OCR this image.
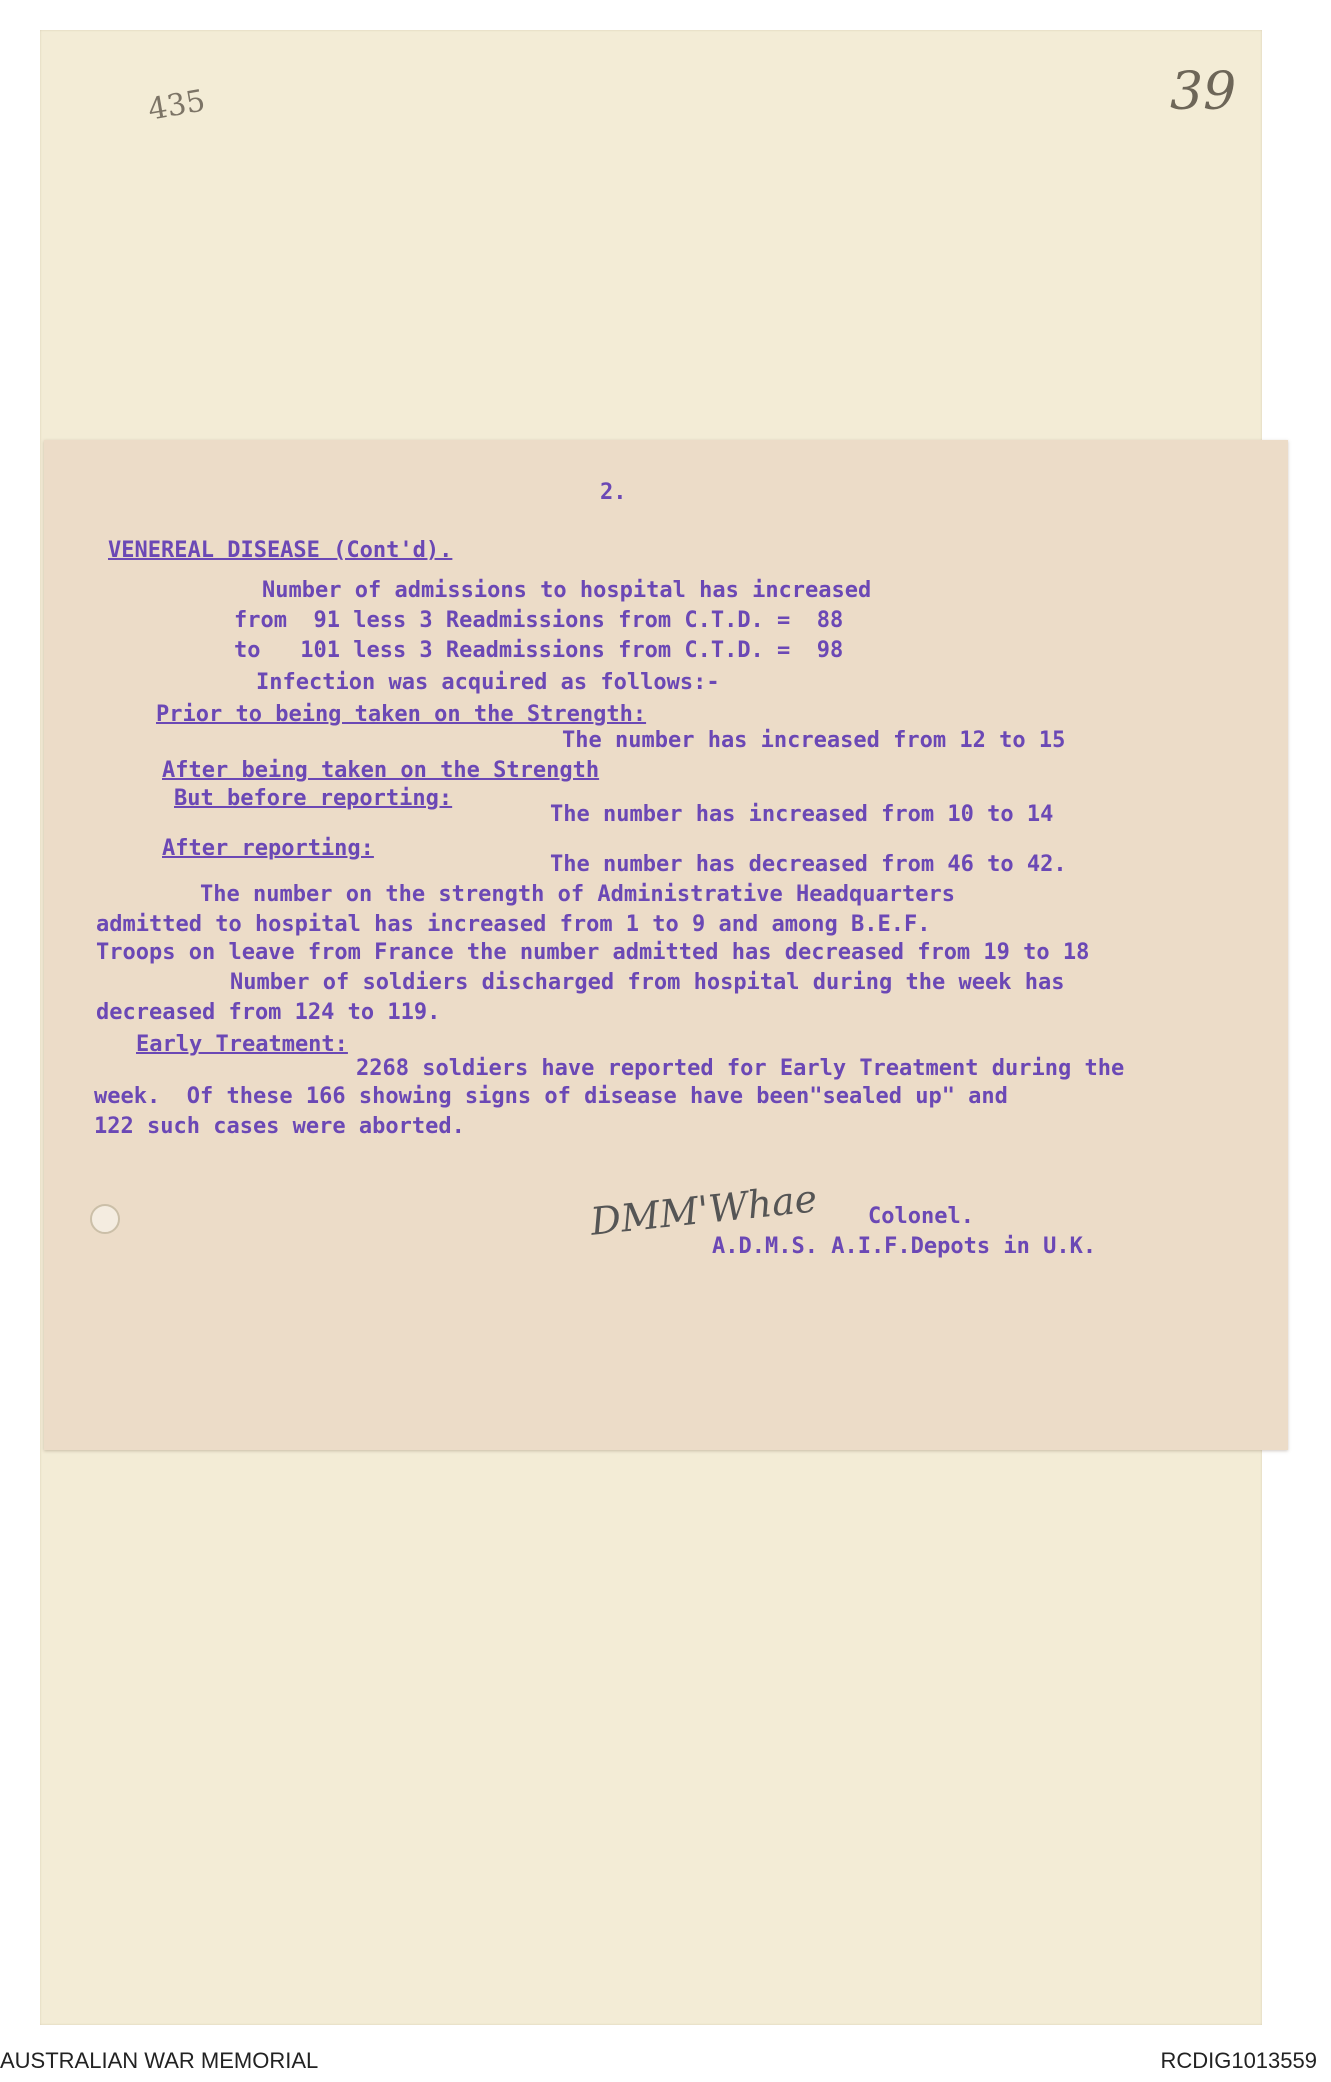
435	39
2.
VENEREAL DISEASE (Cont'd).
Number of admissions to hospital has increased
from  91 less 3 Readmissions from C.T.D. =  88
to   101 less 3 Readmissions from C.T.D. =  98
Infection was acquired as follows:-
Prior to being taken on the Strength:
The number has increased from 12 to 15
After being taken on the Strength
But before reporting:
The number has increased from 10 to 14
After reporting:
The number has decreased from 46 to 42.
The number on the strength of Administrative Headquarters
admitted to hospital has increased from 1 to 9 and among B.E.F.
Troops on leave from France the number admitted has decreased from 19 to 18
Number of soldiers discharged from hospital during the week has
decreased from 124 to 119.
Early Treatment:
2268 soldiers have reported for Early Treatment during the
week.  Of these 166 showing signs of disease have been"sealed up" and
122 such cases were aborted.
Colonel.
A.D.M.S. A.I.F.Depots in U.K.
DMM'Whae
AUSTRALIAN WAR MEMORIAL	RCDIG1013559
